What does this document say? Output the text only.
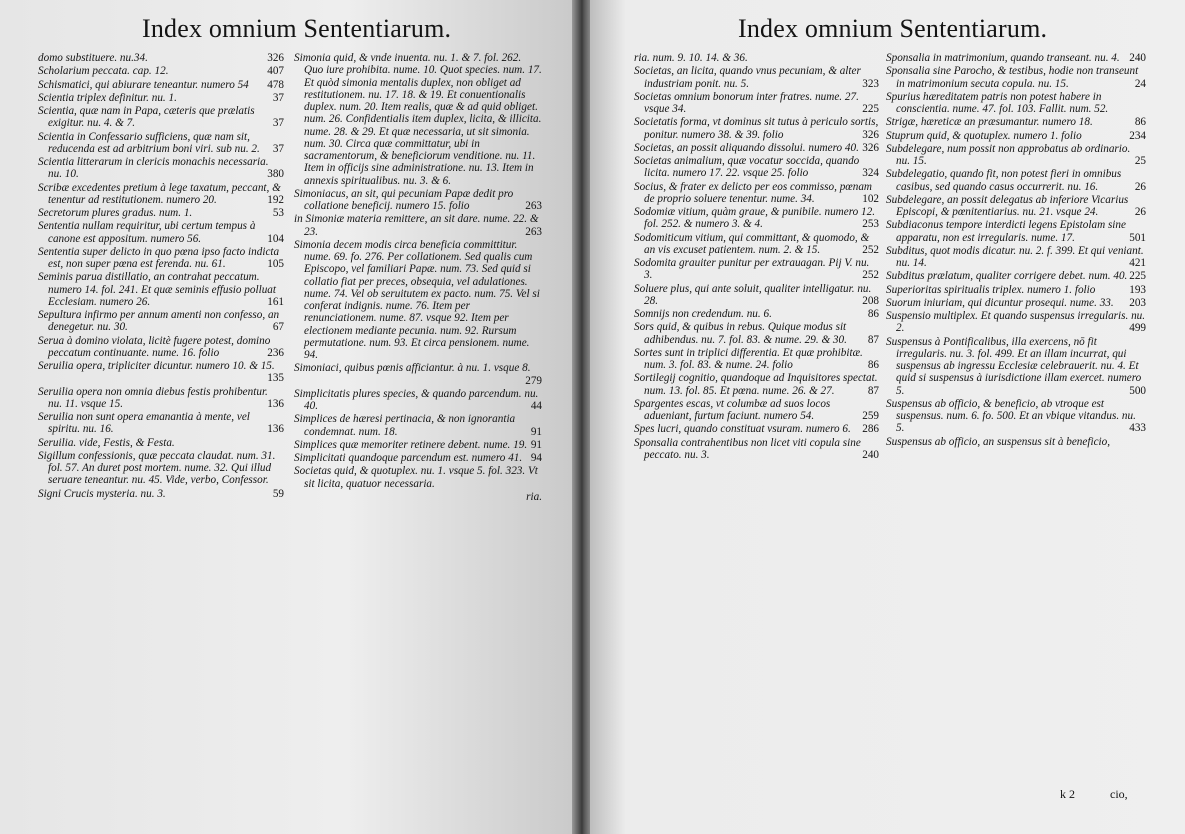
Index omnium Sententiarum.
domo substituere. nu.34.	326
Scholarium peccata. cap. 12.	407
Schismatici, qui abiurare teneantur. numero 54 478
Scientia triplex definitur. nu. 1.	37
Scientia, quæ nam in Papa, cæteris que prælatis exigitur. nu. 4. & 7.	37
Scientia in Confessario sufficiens, quæ nam sit, reducenda est ad arbitrium boni viri. sub nu. 2. 37
Scientia litterarum in clericis monachis necessaria. nu. 10.	380
Scribæ excedentes pretium à lege taxatum, peccant, & tenentur ad restitutionem. numero 20.	192
Secretorum plures gradus. num. 1.	53
Sententia nullam requiritur, ubi certum tempus à canone est appositum. numero 56.	104
Sententia super delicto in quo pœna ipso facto indicta est, non super pœna est ferenda. nu. 61.	105
Seminis parua distillatio, an contrahat peccatum. numero 14. fol. 241. Et quæ seminis effusio polluat Ecclesiam. numero 26.	161
Sepultura infirmo per annum amenti non confesso, an denegetur. nu. 30.	67
Serua à domino violata, licitè fugere potest, domino peccatum continuante. nume. 16. folio	236
Seruilia opera, tripliciter dicuntur. numero 10. & 15.
135
Seruilia opera non omnia diebus festis prohibentur. nu. 11. vsque 15.	136
Seruilia non sunt opera emanantia à mente, vel spiritu. nu. 16.	136
Seruilia. vide, Festis, & Festa.
Sigillum confessionis, quæ peccata claudat. num. 31. fol. 57. An duret post mortem. nume. 32. Qui illud seruare teneantur. nu. 45. Vide, verbo, Confessor.
Signi Crucis mysteria. nu. 3.	59
Simonia quid, & vnde inuenta. nu. 1. & 7. fol. 262. Quo iure prohibita. nume. 10. Quot species. num. 17. Et quòd simonia mentalis duplex, non obliget ad restitutionem. nu. 17. 18. & 19. Et conuentionalis duplex. num. 20. Item realis, quæ & ad quid obliget. num. 26. Confidentialis item duplex, licita, & illicita. nume. 28. & 29. Et quæ necessaria, ut sit simonia. num. 30. Circa quæ committatur, ubi in sacramentorum, & beneficiorum venditione. nu. 11. Item in officijs sine administratione. nu. 13. Item in annexis spiritualibus. nu. 3. & 6.
Simoniacus, an sit, qui pecuniam Papæ dedit pro collatione beneficij. numero 15. folio	263
in Simoniæ materia remittere, an sit dare. nume. 22. & 23.	263
Simonia decem modis circa beneficia committitur. nume. 69. fo. 276. Per collationem. Sed qualis cum Episcopo, vel familiari Papæ. num. 73. Sed quid si collatio fiat per preces, obsequia, vel adulationes. nume. 74. Vel ob seruitutem ex pacto. num. 75. Vel si conferat indignis. nume. 76. Item per renunciationem. nume. 87. vsque 92. Item per electionem mediante pecunia. num. 92. Rursum permutatione. num. 93. Et circa pensionem. nume. 94.
Simoniaci, quibus pœnis afficiantur. à nu. 1. vsque 8.
279
Simplicitatis plures species, & quando parcendum. nu. 40.	44
Simplices de hæresi pertinacia, & non ignorantia condemnat. num. 18.	91
Simplices quæ memoriter retinere debent. nume. 19. 91
Simplicitati quandoque parcendum est. numero 41. 94
Societas quid, & quotuplex. nu. 1. vsque 5. fol. 323. Vt sit licita, quatuor necessaria.
ria.
Index omnium Sententiarum.
ria. num. 9. 10. 14. & 36.
Societas, an licita, quando vnus pecuniam, & alter industriam ponit. nu. 5.	323
Societas omnium bonorum inter fratres. nume. 27. vsque 34.	225
Societatis forma, vt dominus sit tutus à periculo sortis, ponitur. numero 38. & 39. folio	326
Societas, an possit aliquando dissolui. numero 40. 326
Societas animalium, quæ vocatur soccida, quando licita. numero 17. 22. vsque 25. folio	324
Socius, & frater ex delicto per eos commisso, pœnam de proprio soluere tenentur. nume. 34.	102
Sodomiæ vitium, quàm graue, & punibile. numero 12. fol. 252. & numero 3. & 4.	253
Sodomiticum vitium, qui committant, & quomodo, & an vis excuset patientem. num. 2. & 15.	252
Sodomita grauiter punitur per extrauagan. Pij V. nu. 3.	252
Soluere plus, qui ante soluit, qualiter intelligatur. nu. 28.	208
Somnijs non credendum. nu. 6.	86
Sors quid, & quibus in rebus. Quique modus sit adhibendus. nu. 7. fol. 83. & nume. 29. & 30. 87
Sortes sunt in triplici differentia. Et quæ prohibitæ. num. 3. fol. 83. & nume. 24. folio	86
Sortilegij cognitio, quandoque ad Inquisitores spectat. num. 13. fol. 85. Et pœna. nume. 26. & 27.	87
Spargentes escas, vt columbæ ad suos locos adueniant, furtum faciunt. numero 54.	259
Spes lucri, quando constituat vsuram. numero 6. 286
Sponsalia contrahentibus non licet viti copula sine peccato. nu. 3.	240
Sponsalia in matrimonium, quando transeant. nu. 4. 240
Sponsalia sine Parocho, & testibus, hodie non transeunt in matrimonium secuta copula. nu. 15.	24
Spurius hæreditatem patris non potest habere in conscientia. nume. 47. fol. 103. Fallit. num. 52.
Strigæ, hæreticæ an præsumantur. numero 18.	86
Stuprum quid, & quotuplex. numero 1. folio	234
Subdelegare, num possit non approbatus ab ordinario. nu. 15.	25
Subdelegatio, quando fit, non potest fieri in omnibus casibus, sed quando casus occurrerit. nu. 16.	26
Subdelegare, an possit delegatus ab inferiore Vicarius Episcopi, & pœnitentiarius. nu. 21. vsque 24.	26
Subdiaconus tempore interdicti legens Epistolam sine apparatu, non est irregularis. nume. 17.	501
Subditus, quot modis dicatur. nu. 2. f. 399. Et qui veniant. nu. 14.	421
Subditus prælatum, qualiter corrigere debet. num. 40. 225
Superioritas spiritualis triplex. numero 1. folio	193
Suorum iniuriam, qui dicuntur prosequi. nume. 33. 203
Suspensio multiplex. Et quando suspensus irregularis. nu. 2.	499
Suspensus à Pontificalibus, illa exercens, nō fit irregularis. nu. 3. fol. 499. Et an illam incurrat, qui suspensus ab ingressu Ecclesiæ celebrauerit. nu. 4. Et quid si suspensus à iurisdictione illam exercet. numero 5.	500
Suspensus ab officio, & beneficio, ab vtroque est suspensus. num. 6. fo. 500. Et an vbique vitandus. nu. 5.	433
Suspensus ab officio, an suspensus sit à beneficio,
k 2	cio,
